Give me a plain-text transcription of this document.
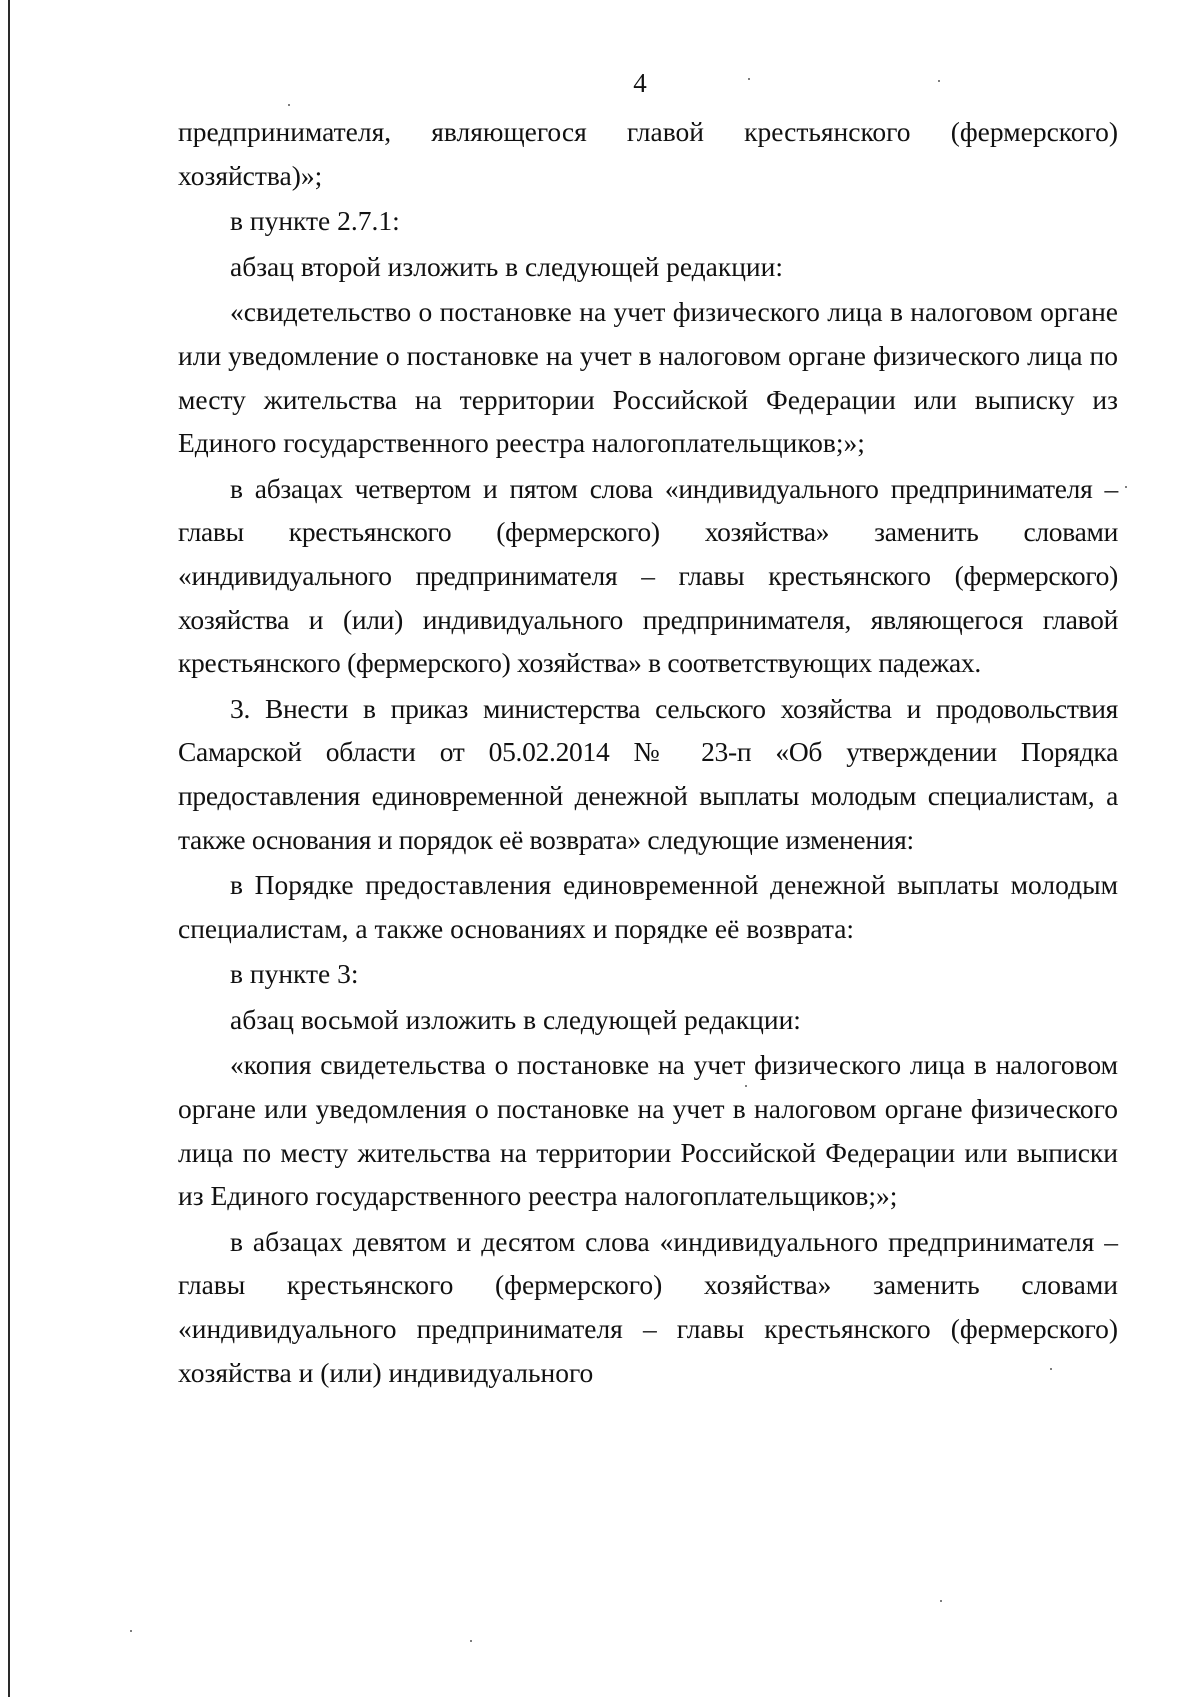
4

предпринимателя, являющегося главой крестьянского (фермерского) хозяйства)»;

в пункте 2.7.1:

абзац второй изложить в следующей редакции:

«свидетельство о постановке на учет физического лица в налоговом органе или уведомление о постановке на учет в налоговом органе физического лица по месту жительства на территории Российской Федерации или выписку из Единого государственного реестра налогоплательщиков;»;

в абзацах четвертом и пятом слова «индивидуального предпринимателя – главы крестьянского (фермерского) хозяйства» заменить словами «индивидуального предпринимателя – главы крестьянского (фермерского) хозяйства и (или) индивидуального предпринимателя, являющегося главой крестьянского (фермерского) хозяйства» в соответствующих падежах.

3. Внести в приказ министерства сельского хозяйства и продовольствия Самарской области от 05.02.2014 № 23-п «Об утверждении Порядка предоставления единовременной денежной выплаты молодым специалистам, а также основания и порядок её возврата» следующие изменения:

в Порядке предоставления единовременной денежной выплаты молодым специалистам, а также основаниях и порядке её возврата:

в пункте 3:

абзац восьмой изложить в следующей редакции:

«копия свидетельства о постановке на учет физического лица в налоговом органе или уведомления о постановке на учет в налоговом органе физического лица по месту жительства на территории Российской Федерации или выписки из Единого государственного реестра налогоплательщиков;»;

в абзацах девятом и десятом слова «индивидуального предпринимателя – главы крестьянского (фермерского) хозяйства» заменить словами «индивидуального предпринимателя – главы крестьянского (фермерского) хозяйства и (или) индивидуального
